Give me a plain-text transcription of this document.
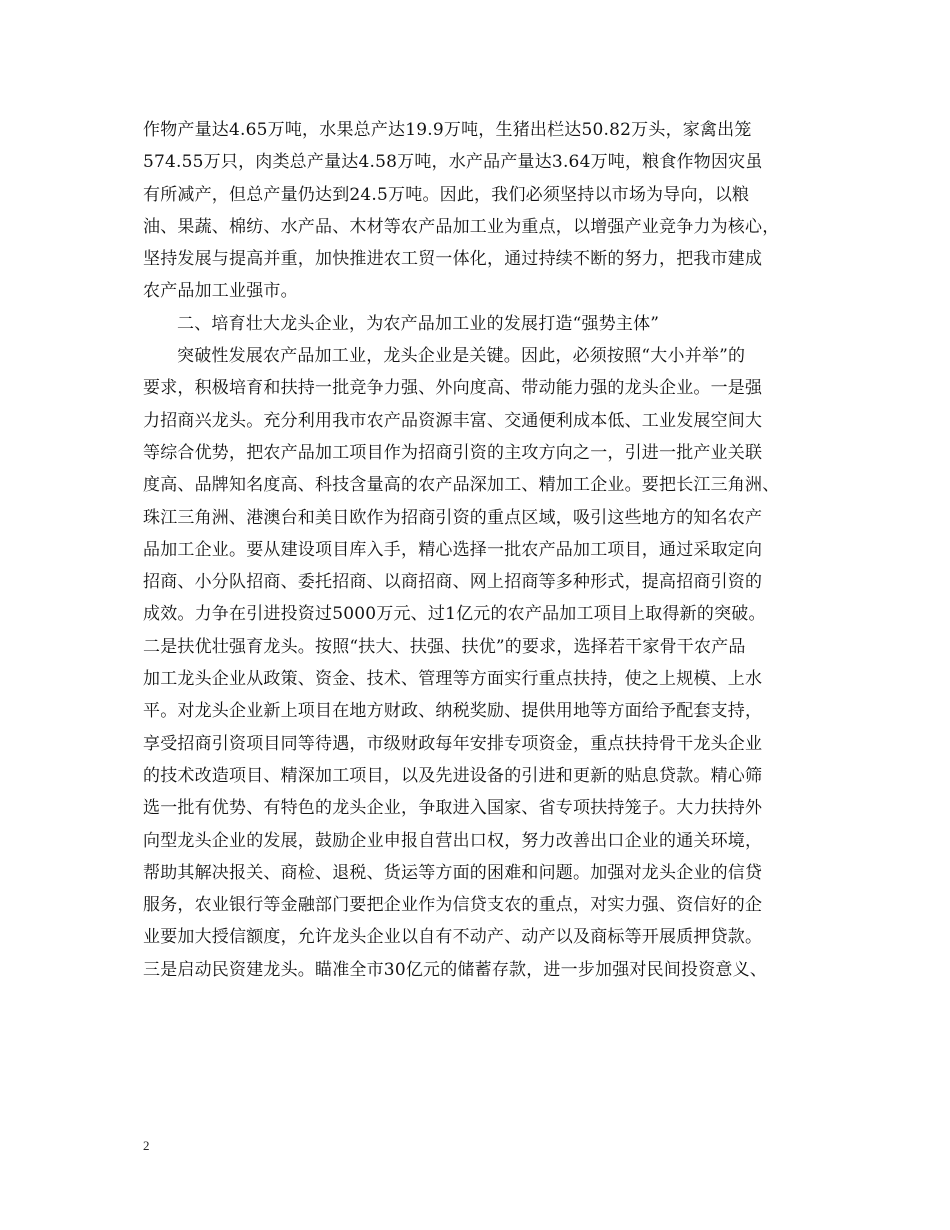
作物产量达4.65万吨，水果总产达19.9万吨，生猪出栏达50.82万头，家禽出笼
574.55万只，肉类总产量达4.58万吨，水产品产量达3.64万吨，粮食作物因灾虽
有所减产，但总产量仍达到24.5万吨。因此，我们必须坚持以市场为导向，以粮
油、果蔬、棉纺、水产品、木材等农产品加工业为重点，以增强产业竞争力为核心，
坚持发展与提高并重，加快推进农工贸一体化，通过持续不断的努力，把我市建成
农产品加工业强市。
二、培育壮大龙头企业，为农产品加工业的发展打造“强势主体”
突破性发展农产品加工业，龙头企业是关键。因此，必须按照“大小并举”的
要求，积极培育和扶持一批竞争力强、外向度高、带动能力强的龙头企业。一是强
力招商兴龙头。充分利用我市农产品资源丰富、交通便利成本低、工业发展空间大
等综合优势，把农产品加工项目作为招商引资的主攻方向之一，引进一批产业关联
度高、品牌知名度高、科技含量高的农产品深加工、精加工企业。要把长江三角洲、
珠江三角洲、港澳台和美日欧作为招商引资的重点区域，吸引这些地方的知名农产
品加工企业。要从建设项目库入手，精心选择一批农产品加工项目，通过采取定向
招商、小分队招商、委托招商、以商招商、网上招商等多种形式，提高招商引资的
成效。力争在引进投资过5000万元、过1亿元的农产品加工项目上取得新的突破。
二是扶优壮强育龙头。按照“扶大、扶强、扶优”的要求，选择若干家骨干农产品
加工龙头企业从政策、资金、技术、管理等方面实行重点扶持，使之上规模、上水
平。对龙头企业新上项目在地方财政、纳税奖励、提供用地等方面给予配套支持，
享受招商引资项目同等待遇，市级财政每年安排专项资金，重点扶持骨干龙头企业
的技术改造项目、精深加工项目，以及先进设备的引进和更新的贴息贷款。精心筛
选一批有优势、有特色的龙头企业，争取进入国家、省专项扶持笼子。大力扶持外
向型龙头企业的发展，鼓励企业申报自营出口权，努力改善出口企业的通关环境，
帮助其解决报关、商检、退税、货运等方面的困难和问题。加强对龙头企业的信贷
服务，农业银行等金融部门要把企业作为信贷支农的重点，对实力强、资信好的企
业要加大授信额度，允许龙头企业以自有不动产、动产以及商标等开展质押贷款。
三是启动民资建龙头。瞄准全市30亿元的储蓄存款，进一步加强对民间投资意义、
2
